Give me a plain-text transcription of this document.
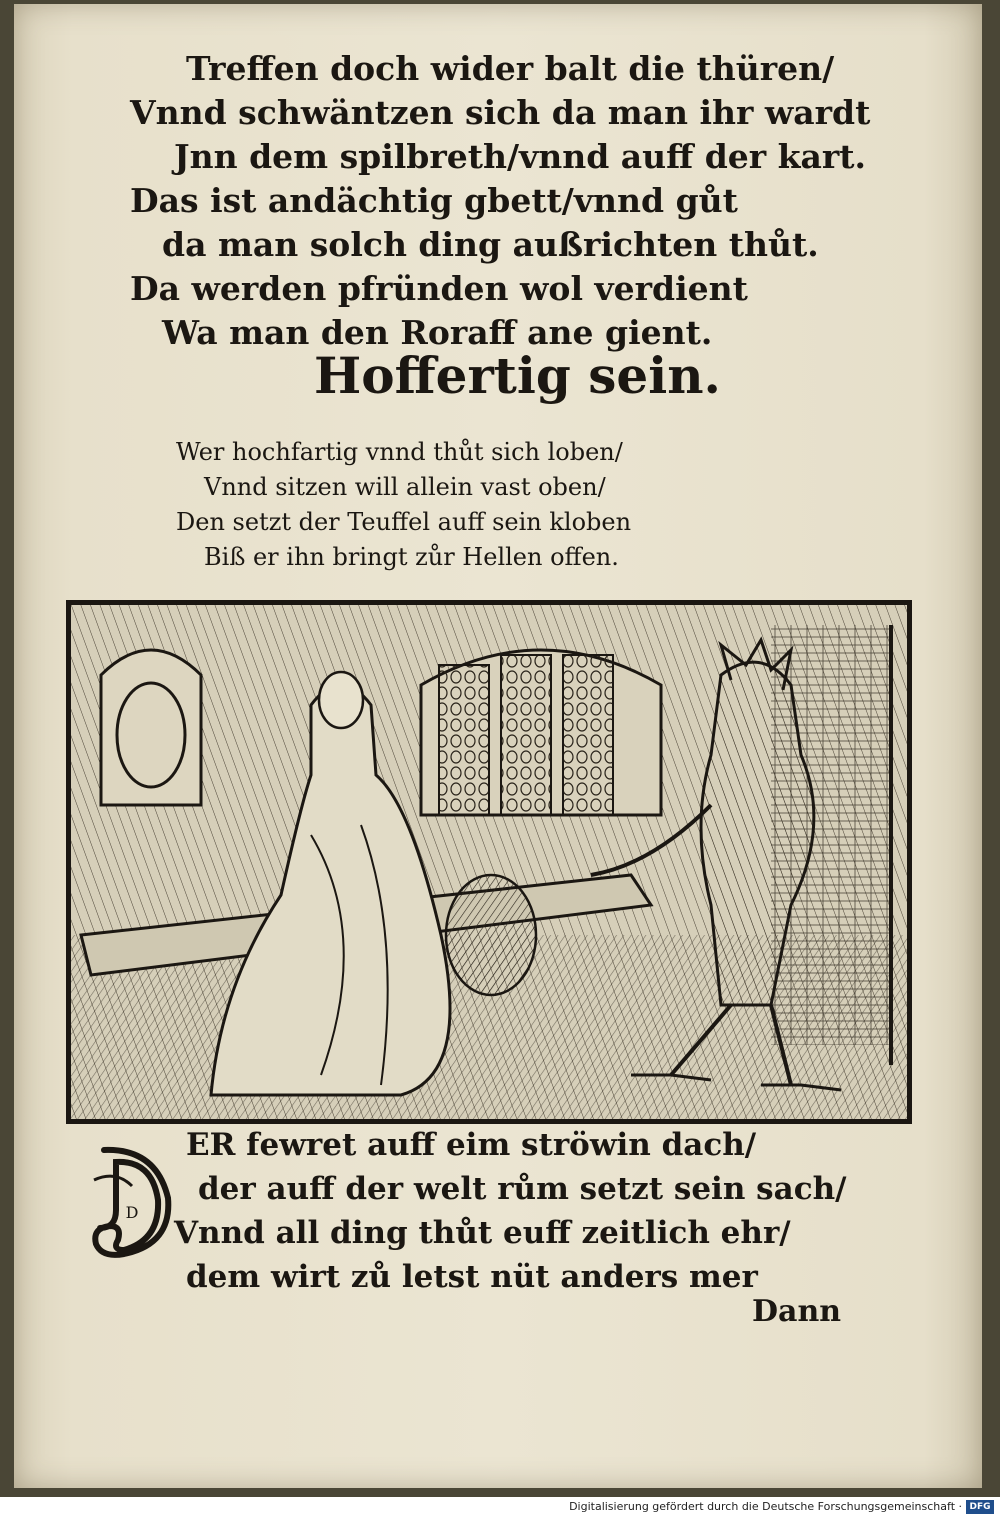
Treffen doch wider balt die thüren/
Vnnd schwäntzen sich da man ihr wardt
Jnn dem spilbreth/vnnd auff der kart.
Das ist andächtig gbett/vnnd gůt
da man solch ding außrichten thůt.
Da werden pfründen wol verdient
Wa man den Roraff ane gient.
Hoffertig sein.
Wer hochfartig vnnd thůt sich loben/
Vnnd sitzen will allein vast oben/
Den setzt der Teuffel auff sein kloben
Biß er ihn bringt zůr Hellen offen.
D
ER fewret auff eim ströwin dach/
der auff der welt rům setzt sein sach/
Vnnd all ding thůt euff zeitlich ehr/
dem wirt zů letst nüt anders mer
Dann
Digitalisierung gefördert durch die Deutsche Forschungsgemeinschaft · DFG
